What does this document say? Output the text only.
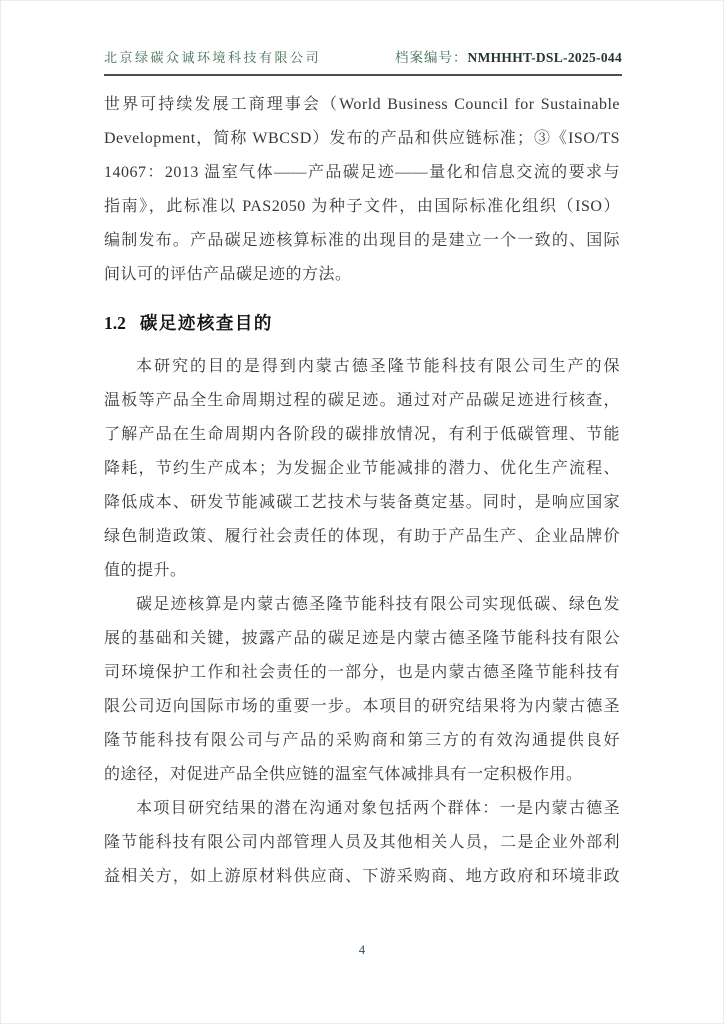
北京绿碳众诚环境科技有限公司	档案编号：NMHHHT-DSL-2025-044
世界可持续发展工商理事会（World Business Council for Sustainable
Development，简称 WBCSD）发布的产品和供应链标准；③《ISO/TS
14067：2013 温室气体——产品碳足迹——量化和信息交流的要求与
指南》，此标准以 PAS2050 为种子文件，由国际标准化组织（ISO）
编制发布。产品碳足迹核算标准的出现目的是建立一个一致的、国际
间认可的评估产品碳足迹的方法。
1.2 碳足迹核查目的
本研究的目的是得到内蒙古德圣隆节能科技有限公司生产的保
温板等产品全生命周期过程的碳足迹。通过对产品碳足迹进行核查，
了解产品在生命周期内各阶段的碳排放情况，有利于低碳管理、节能
降耗，节约生产成本；为发掘企业节能减排的潜力、优化生产流程、
降低成本、研发节能减碳工艺技术与装备奠定基。同时，是响应国家
绿色制造政策、履行社会责任的体现，有助于产品生产、企业品牌价
值的提升。
碳足迹核算是内蒙古德圣隆节能科技有限公司实现低碳、绿色发
展的基础和关键，披露产品的碳足迹是内蒙古德圣隆节能科技有限公
司环境保护工作和社会责任的一部分，也是内蒙古德圣隆节能科技有
限公司迈向国际市场的重要一步。本项目的研究结果将为内蒙古德圣
隆节能科技有限公司与产品的采购商和第三方的有效沟通提供良好
的途径，对促进产品全供应链的温室气体减排具有一定积极作用。
本项目研究结果的潜在沟通对象包括两个群体：一是内蒙古德圣
隆节能科技有限公司内部管理人员及其他相关人员，二是企业外部利
益相关方，如上游原材料供应商、下游采购商、地方政府和环境非政
4
